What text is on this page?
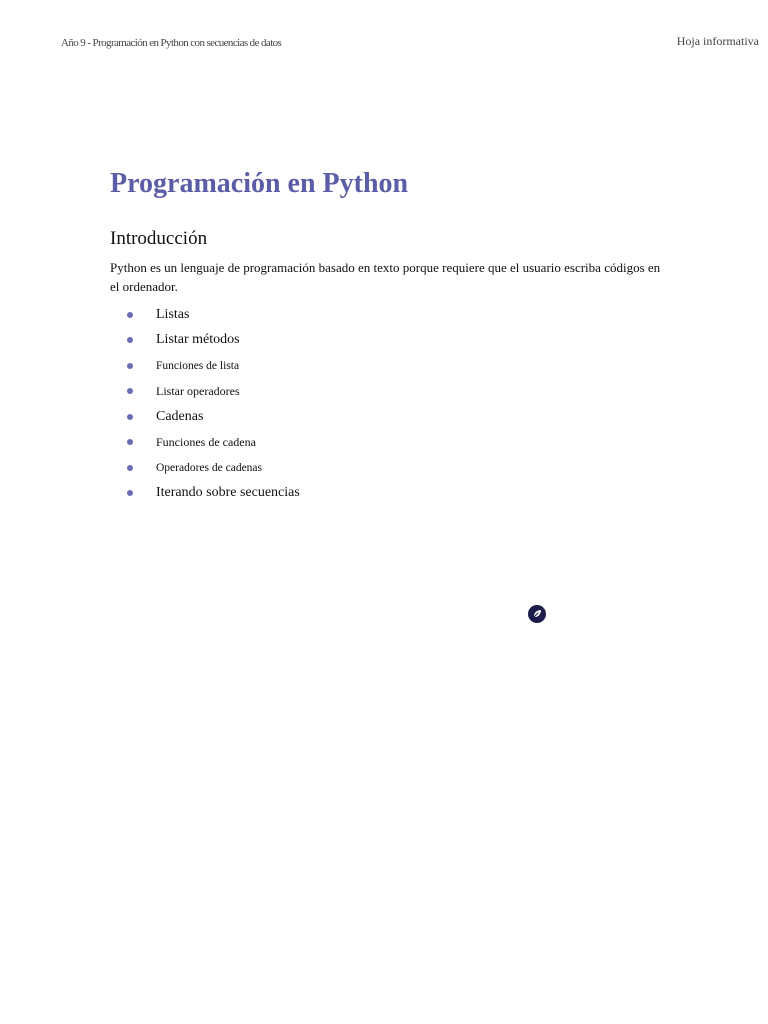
Año 9 - Programación en Python con secuencias de datos	Hoja informativa
Programación en Python
Introducción

Python es un lenguaje de programación basado en texto porque requiere que el usuario escriba códigos en el ordenador.

Listas
Listar métodos
Funciones de lista
Listar operadores
Cadenas
Funciones de cadena
Operadores de cadenas
Iterando sobre secuencias
